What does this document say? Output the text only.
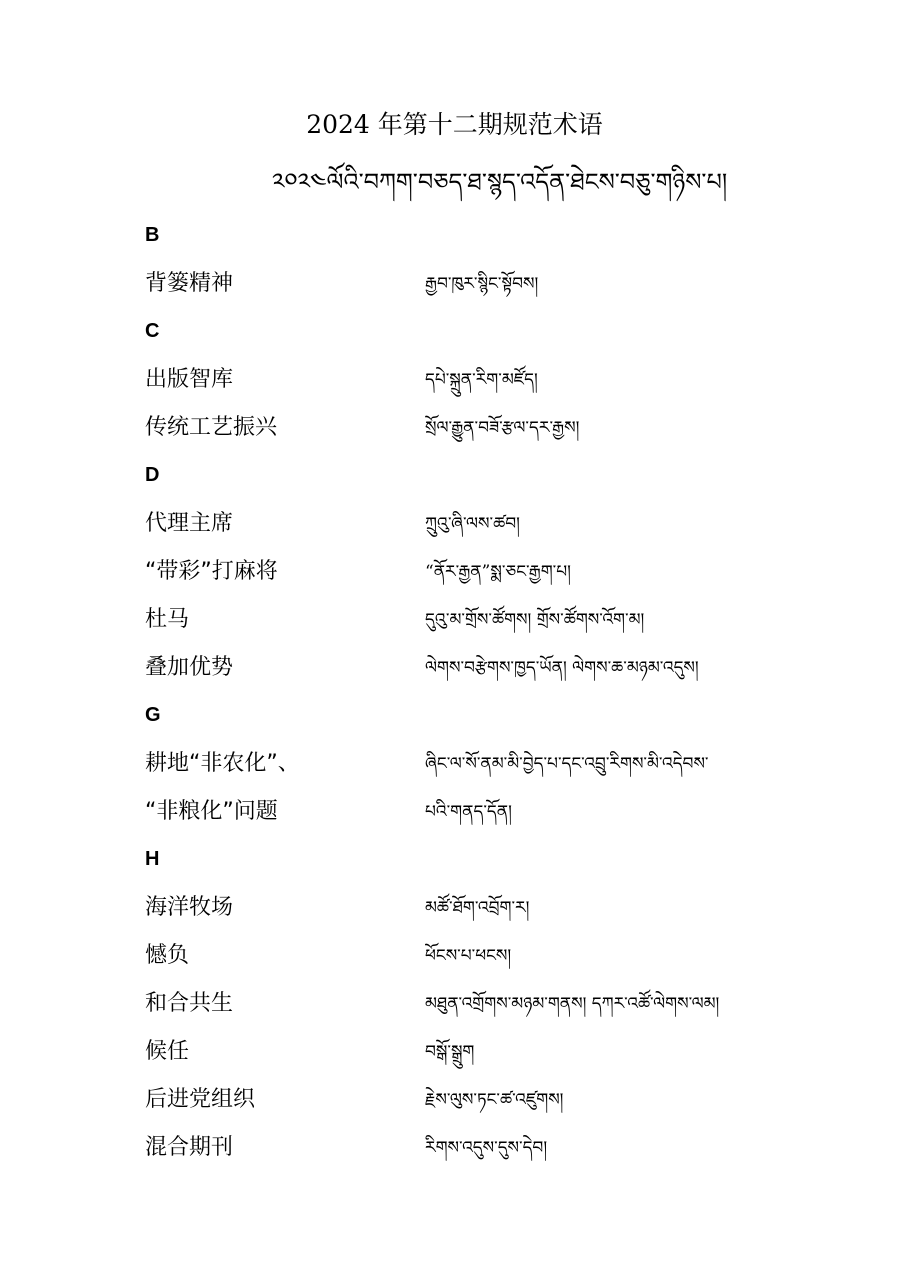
2024 年第十二期规范术语
༢༠༢༤ལོའི་བཀག་བཅད་ཐ་སྙད་འདོན་ཐེངས་བཅུ་གཉིས་པ།
B
背篓精神	རྒྱབ་ཁུར་སྙིང་སྟོབས།
C
出版智库	དཔེ་སྐྲུན་རིག་མཛོད།
传统工艺振兴	སྲོལ་རྒྱུན་བཟོ་རྩལ་དར་རྒྱས།
D
代理主席	ཀྲུའུ་ཞི་ལས་ཚབ།
“带彩”打麻将	“ནོར་རྒྱན”སྨ་ཅང་རྒྱག་པ།
杜马	དུའུ་མ་གྲོས་ཚོགས། གྲོས་ཚོགས་འོག་མ།
叠加优势	ལེགས་བརྩེགས་ཁྱད་ཡོན། ལེགས་ཆ་མཉམ་འདུས།
G
耕地“非农化”、	ཞིང་ལ་སོ་ནམ་མི་བྱེད་པ་དང་འབྲུ་རིགས་མི་འདེབས་
“非粮化”问题	པའི་གནད་དོན།
H
海洋牧场	མཚོ་ཐོག་འབྲོག་ར།
憾负	ཕོངས་པ་ཕངས།
和合共生	མཐུན་འགྲོགས་མཉམ་གནས། དཀར་འཚོ་ལེགས་ལམ།
候任	བསྒོ་སྒྲུག
后进党组织	རྗེས་ལུས་ཏང་ཚ་འཛུགས།
混合期刊	རིགས་འདུས་དུས་དེབ།
